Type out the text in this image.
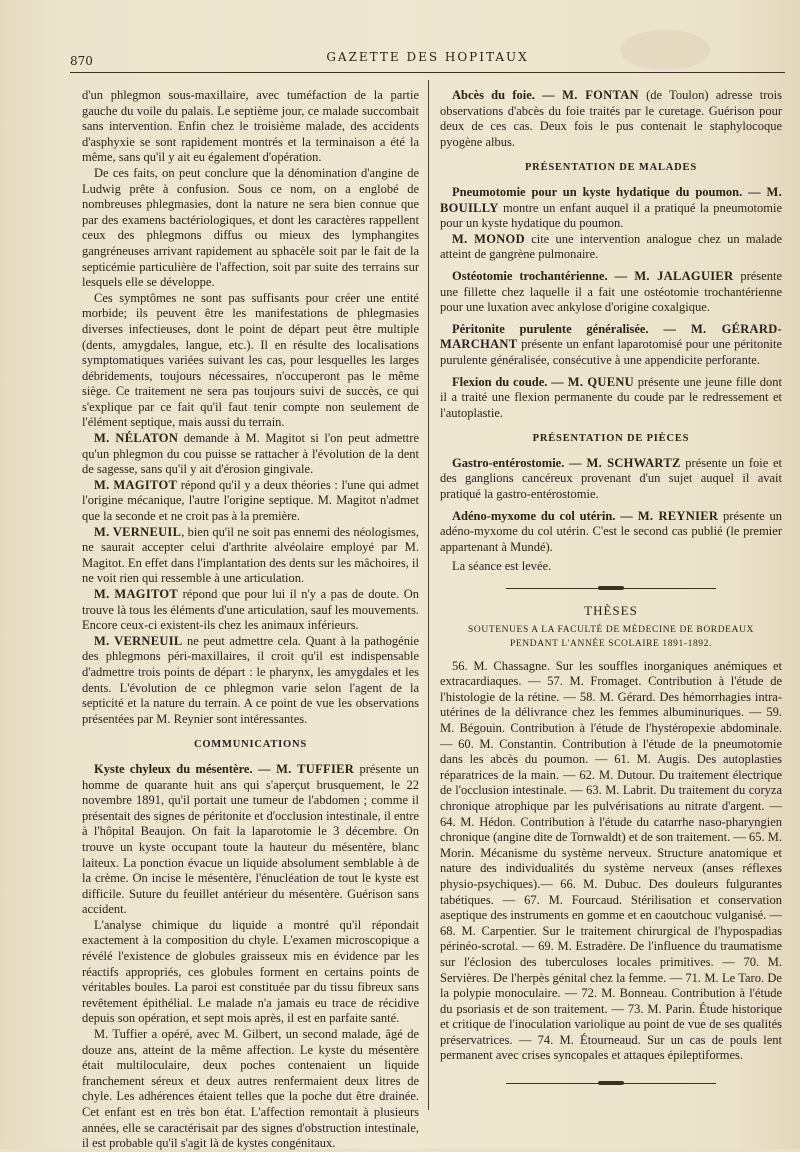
870	GAZETTE DES HOPITAUX

d'un phlegmon sous-maxillaire, avec tuméfaction de la partie gauche du voile du palais. Le septième jour, ce malade succombait sans intervention. Enfin chez le troisième malade, des accidents d'asphyxie se sont rapidement montrés et la terminaison a été la même, sans qu'il y ait eu également d'opération.

De ces faits, on peut conclure que la dénomination d'angine de Ludwig prête à confusion. Sous ce nom, on a englobé de nombreuses phlegmasies, dont la nature ne sera bien connue que par des examens bactériologiques, et dont les caractères rappellent ceux des phlegmons diffus ou mieux des lymphangites gangréneuses arrivant rapidement au sphacèle soit par le fait de la septicémie particulière de l'affection, soit par suite des terrains sur lesquels elle se développe.

Ces symptômes ne sont pas suffisants pour créer une entité morbide; ils peuvent être les manifestations de phlegmasies diverses infectieuses, dont le point de départ peut être multiple (dents, amygdales, langue, etc.). Il en résulte des localisations symptomatiques variées suivant les cas, pour lesquelles les larges débridements, toujours nécessaires, n'occuperont pas le même siège. Ce traitement ne sera pas toujours suivi de succès, ce qui s'explique par ce fait qu'il faut tenir compte non seulement de l'élément septique, mais aussi du terrain.

M. NÉLATON demande à M. Magitot si l'on peut admettre qu'un phlegmon du cou puisse se rattacher à l'évolution de la dent de sagesse, sans qu'il y ait d'érosion gingivale.

M. MAGITOT répond qu'il y a deux théories : l'une qui admet l'origine mécanique, l'autre l'origine septique. M. Magitot n'admet que la seconde et ne croit pas à la première.

M. VERNEUIL, bien qu'il ne soit pas ennemi des néologismes, ne saurait accepter celui d'arthrite alvéolaire employé par M. Magitot. En effet dans l'implantation des dents sur les mâchoires, il ne voit rien qui ressemble à une articulation.

M. MAGITOT répond que pour lui il n'y a pas de doute. On trouve là tous les éléments d'une articulation, sauf les mouvements. Encore ceux-ci existent-ils chez les animaux inférieurs.

M. VERNEUIL ne peut admettre cela. Quant à la pathogénie des phlegmons péri-maxillaires, il croit qu'il est indispensable d'admettre trois points de départ : le pharynx, les amygdales et les dents. L'évolution de ce phlegmon varie selon l'agent de la septicité et la nature du terrain. A ce point de vue les observations présentées par M. Reynier sont intéressantes.

COMMUNICATIONS

Kyste chyleux du mésentère. — M. TUFFIER présente un homme de quarante huit ans qui s'aperçut brusquement, le 22 novembre 1891, qu'il portait une tumeur de l'abdomen ; comme il présentait des signes de péritonite et d'occlusion intestinale, il entre à l'hôpital Beaujon. On fait la laparotomie le 3 décembre. On trouve un kyste occupant toute la hauteur du mésentère, blanc laiteux. La ponction évacue un liquide absolument semblable à de la crème. On incise le mésentère, l'énucléation de tout le kyste est difficile. Suture du feuillet antérieur du mésentère. Guérison sans accident.

L'analyse chimique du liquide a montré qu'il répondait exactement à la composition du chyle. L'examen microscopique a révélé l'existence de globules graisseux mis en évidence par les réactifs appropriés, ces globules forment en certains points de véritables boules. La paroi est constituée par du tissu fibreux sans revêtement épithélial. Le malade n'a jamais eu trace de récidive depuis son opération, et sept mois après, il est en parfaite santé.

M. Tuffier a opéré, avec M. Gilbert, un second malade, âgé de douze ans, atteint de la même affection. Le kyste du mésentère était multiloculaire, deux poches contenaient un liquide franchement séreux et deux autres renfermaient deux litres de chyle. Les adhérences étaient telles que la poche dut être drainée. Cet enfant est en très bon état. L'affection remontait à plusieurs années, elle se caractérisait par des signes d'obstruction intestinale, il est probable qu'il s'agit là de kystes congénitaux.

Abcès du foie. — M. FONTAN (de Toulon) adresse trois observations d'abcès du foie traités par le curetage. Guérison pour deux de ces cas. Deux fois le pus contenait le staphylocoque pyogène albus.

PRÉSENTATION DE MALADES

Pneumotomie pour un kyste hydatique du poumon. — M. BOUILLY montre un enfant auquel il a pratiqué la pneumotomie pour un kyste hydatique du poumon.

M. MONOD cite une intervention analogue chez un malade atteint de gangrène pulmonaire.

Ostéotomie trochantérienne. — M. JALAGUIER présente une fillette chez laquelle il a fait une ostéotomie trochantérienne pour une luxation avec ankylose d'origine coxalgique.

Péritonite purulente généralisée. — M. GÉRARD-MARCHANT présente un enfant laparotomisé pour une péritonite purulente généralisée, consécutive à une appendicite perforante.

Flexion du coude. — M. QUENU présente une jeune fille dont il a traité une flexion permanente du coude par le redressement et l'autoplastie.

PRÉSENTATION DE PIÈCES

Gastro-entérostomie. — M. SCHWARTZ présente un foie et des ganglions cancéreux provenant d'un sujet auquel il avait pratiqué la gastro-entérostomie.

Adéno-myxome du col utérin. — M. REYNIER présente un adéno-myxome du col utérin. C'est le second cas publié (le premier appartenant à Mundé).

La séance est levée.

THÈSES
SOUTENUES A LA FACULTÉ DE MÉDECINE DE BORDEAUX
PENDANT L'ANNÉE SCOLAIRE 1891-1892.

56. M. Chassagne. Sur les souffles inorganiques anémiques et extracardiaques. — 57. M. Fromaget. Contribution à l'étude de l'histologie de la rétine. — 58. M. Gérard. Des hémorrhagies intra-utérines de la délivrance chez les femmes albuminuriques. — 59. M. Bégouin. Contribution à l'étude de l'hystéropexie abdominale. — 60. M. Constantin. Contribution à l'étude de la pneumotomie dans les abcès du poumon. — 61. M. Augis. Des autoplasties réparatrices de la main. — 62. M. Dutour. Du traitement électrique de l'occlusion intestinale. — 63. M. Labrit. Du traitement du coryza chronique atrophique par les pulvérisations au nitrate d'argent. — 64. M. Hédon. Contribution à l'étude du catarrhe naso-pharyngien chronique (angine dite de Tornwaldt) et de son traitement. — 65. M. Morin. Mécanisme du système nerveux. Structure anatomique et nature des individualités du système nerveux (anses réflexes physio-psychiques).— 66. M. Dubuc. Des douleurs fulgurantes tabétiques. — 67. M. Fourcaud. Stérilisation et conservation aseptique des instruments en gomme et en caoutchouc vulganisé. — 68. M. Carpentier. Sur le traitement chirurgical de l'hypospadias périnéo-scrotal. — 69. M. Estradère. De l'influence du traumatisme sur l'éclosion des tuberculoses locales primitives. — 70. M. Servières. De l'herpès génital chez la femme. — 71. M. Le Taro. De la polypie monoculaire. — 72. M. Bonneau. Contribution à l'étude du psoriasis et de son traitement. — 73. M. Parin. Étude historique et critique de l'inoculation variolique au point de vue de ses qualités préservatrices. — 74. M. Étourneaud. Sur un cas de pouls lent permanent avec crises syncopales et attaques épileptiformes.
